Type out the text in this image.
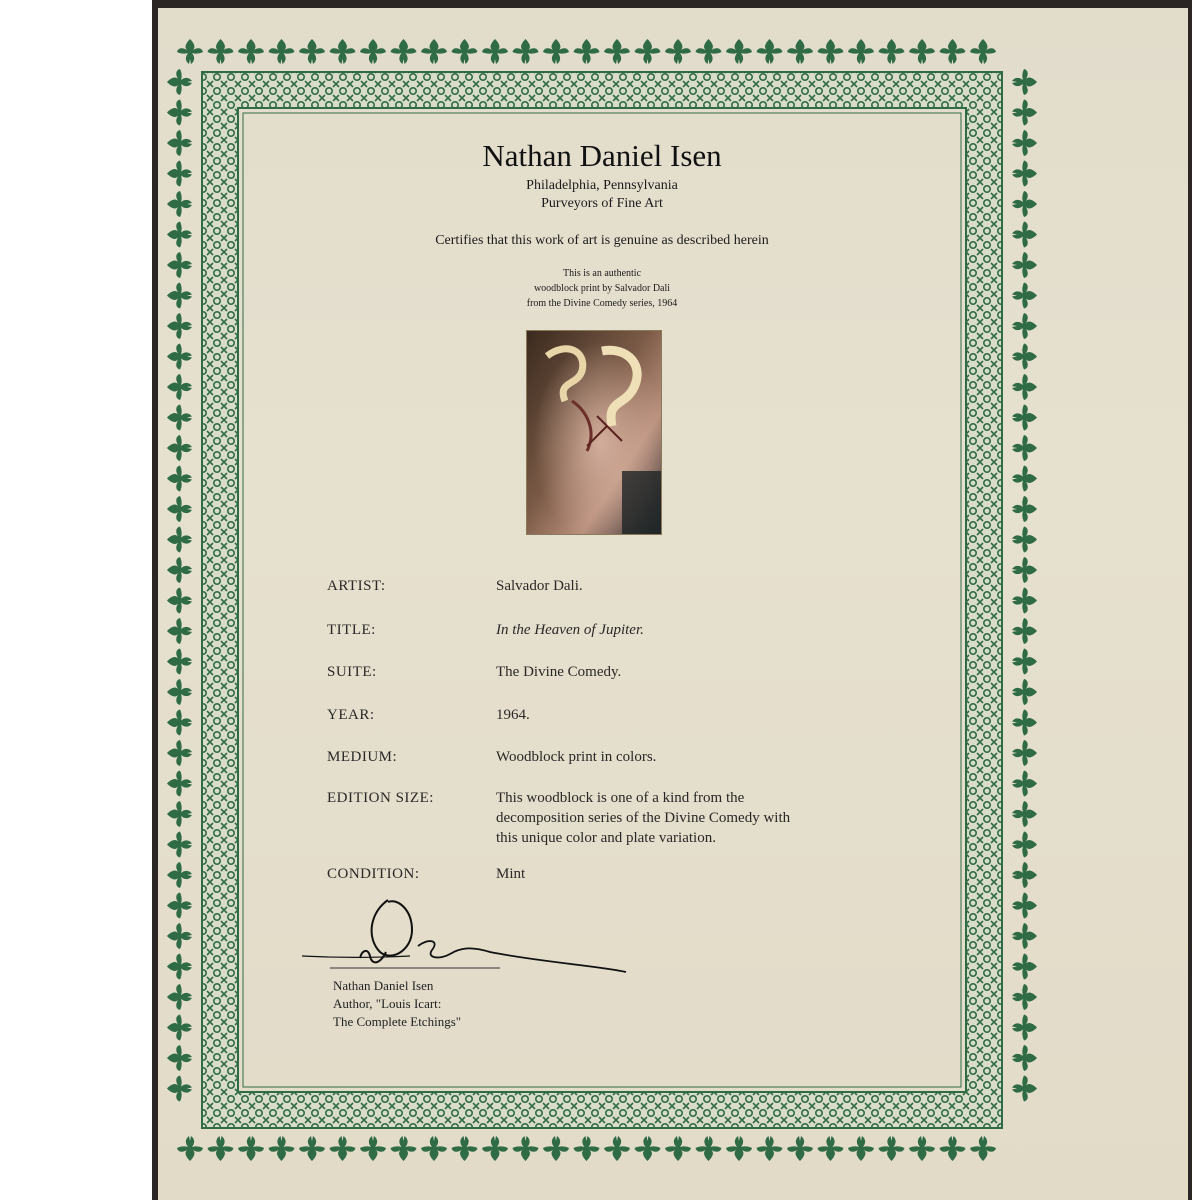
Nathan Daniel Isen
Philadelphia, Pennsylvania
Purveyors of Fine Art
Certifies that this work of art is genuine as described herein
This is an authentic
woodblock print by Salvador Dali
from the Divine Comedy series, 1964
ARTIST:	Salvador Dali.
TITLE:	In the Heaven of Jupiter.
SUITE:	The Divine Comedy.
YEAR:	1964.
MEDIUM:	Woodblock print in colors.
EDITION SIZE:	This woodblock is one of a kind from the
decomposition series of the Divine Comedy with
this unique color and plate variation.
CONDITION:	Mint
Nathan Daniel Isen
Author, "Louis Icart:
The Complete Etchings"
